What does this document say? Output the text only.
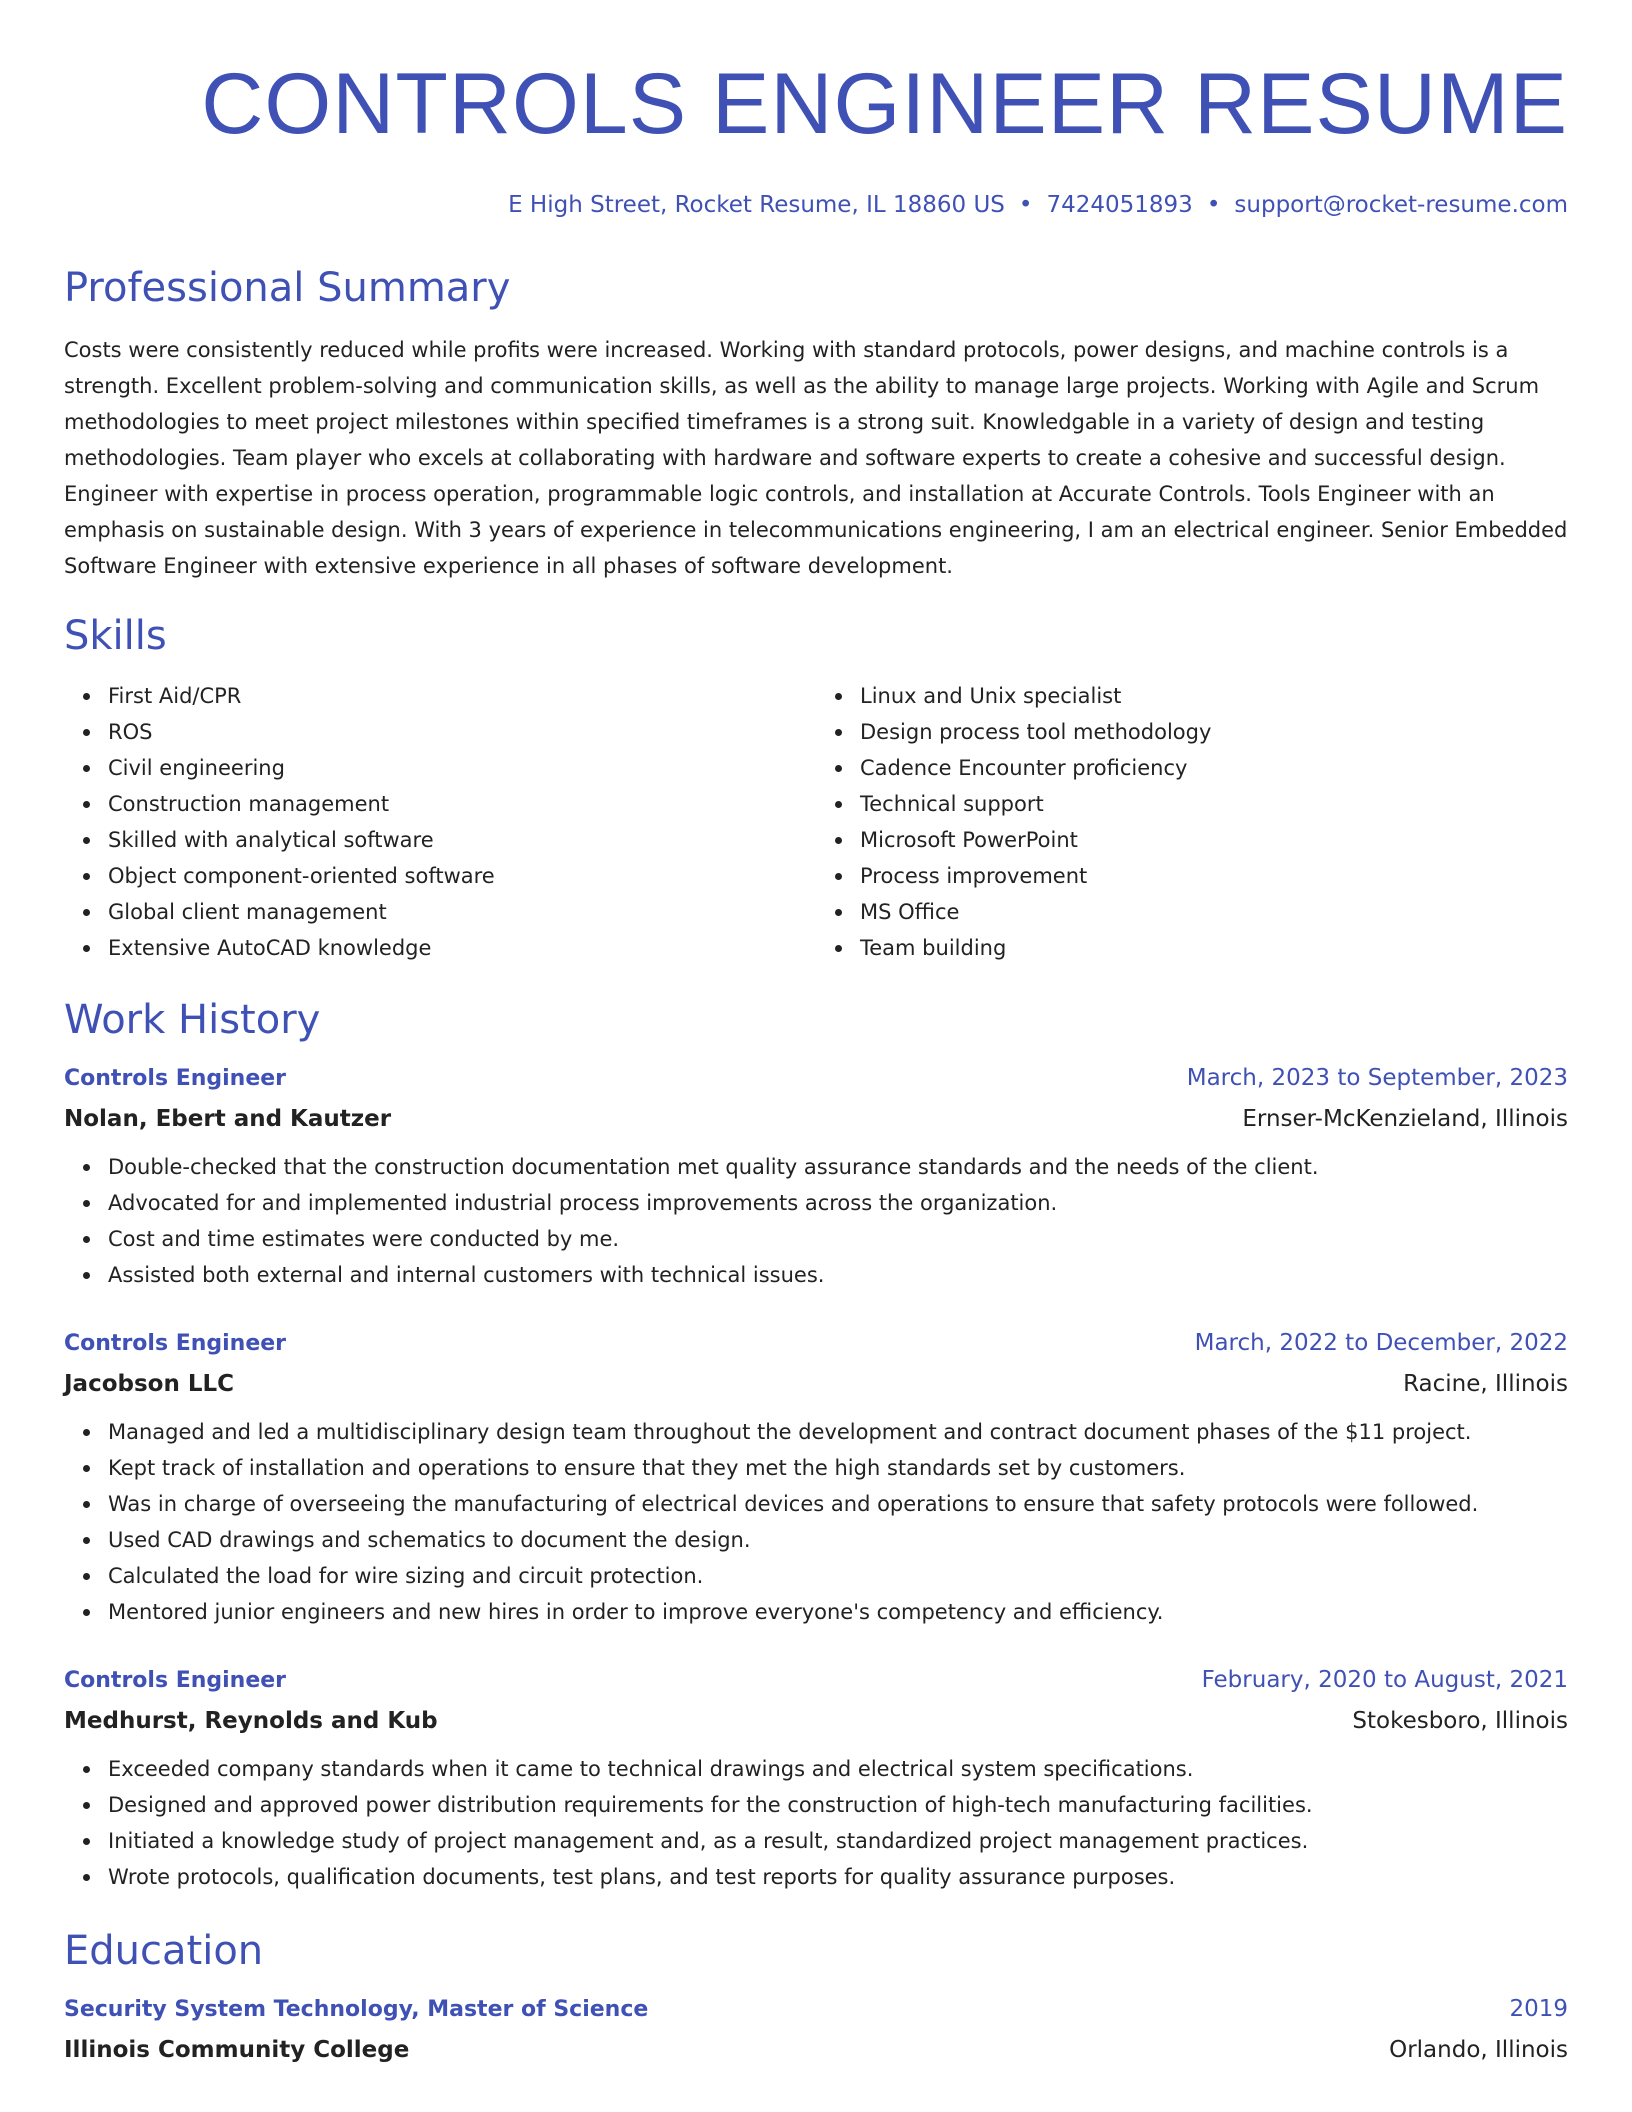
CONTROLS ENGINEER RESUME
E High Street, Rocket Resume, IL 18860 US • 7424051893 • support@rocket-resume.com
Professional Summary

Costs were consistently reduced while profits were increased. Working with standard protocols, power designs, and machine controls is a strength. Excellent problem-solving and communication skills, as well as the ability to manage large projects. Working with Agile and Scrum methodologies to meet project milestones within specified timeframes is a strong suit. Knowledgable in a variety of design and testing methodologies. Team player who excels at collaborating with hardware and software experts to create a cohesive and successful design. Engineer with expertise in process operation, programmable logic controls, and installation at Accurate Controls. Tools Engineer with an emphasis on sustainable design. With 3 years of experience in telecommunications engineering, I am an electrical engineer. Senior Embedded Software Engineer with extensive experience in all phases of software development.

Skills
First Aid/CPR
ROS
Civil engineering
Construction management
Skilled with analytical software
Object component-oriented software
Global client management
Extensive AutoCAD knowledge
Linux and Unix specialist
Design process tool methodology
Cadence Encounter proficiency
Technical support
Microsoft PowerPoint
Process improvement
MS Office
Team building
Work History
Controls Engineer	March, 2023 to September, 2023
Nolan, Ebert and Kautzer	Ernser-McKenzieland, Illinois
Double-checked that the construction documentation met quality assurance standards and the needs of the client.
Advocated for and implemented industrial process improvements across the organization.
Cost and time estimates were conducted by me.
Assisted both external and internal customers with technical issues.
Controls Engineer	March, 2022 to December, 2022
Jacobson LLC	Racine, Illinois
Managed and led a multidisciplinary design team throughout the development and contract document phases of the $11 project.
Kept track of installation and operations to ensure that they met the high standards set by customers.
Was in charge of overseeing the manufacturing of electrical devices and operations to ensure that safety protocols were followed.
Used CAD drawings and schematics to document the design.
Calculated the load for wire sizing and circuit protection.
Mentored junior engineers and new hires in order to improve everyone's competency and efficiency.
Controls Engineer	February, 2020 to August, 2021
Medhurst, Reynolds and Kub	Stokesboro, Illinois
Exceeded company standards when it came to technical drawings and electrical system specifications.
Designed and approved power distribution requirements for the construction of high-tech manufacturing facilities.
Initiated a knowledge study of project management and, as a result, standardized project management practices.
Wrote protocols, qualification documents, test plans, and test reports for quality assurance purposes.
Education
Security System Technology, Master of Science	2019
Illinois Community College	Orlando, Illinois
